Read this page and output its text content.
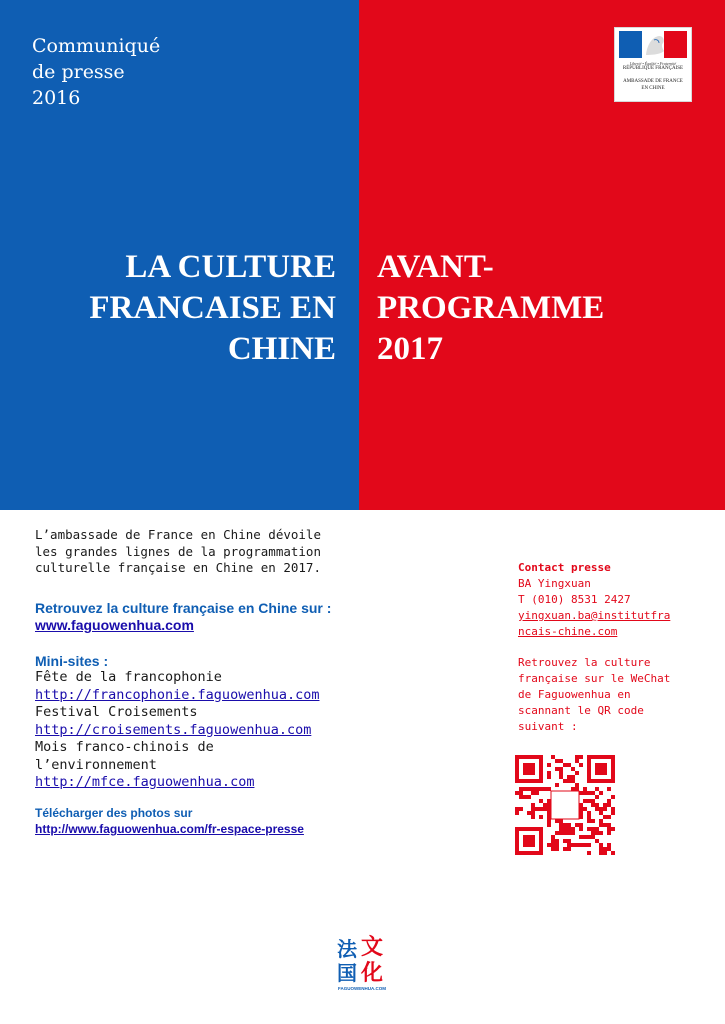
Communiqué
de presse
2016
LA CULTURE
FRANCAISE EN
CHINE
AVANT-
PROGRAMME
2017
Liberté • Égalité • Fraternité
RÉPUBLIQUE FRANÇAISE
AMBASSADE DE FRANCE
EN CHINE
L’ambassade de France en Chine dévoile
les grandes lignes de la programmation
culturelle française en Chine en 2017.
Retrouvez la culture française en Chine sur :
www.faguowenhua.com
Mini-sites :
Fête de la francophonie
http://francophonie.faguowenhua.com
Festival Croisements
http://croisements.faguowenhua.com
Mois franco-chinois de
l’environnement
http://mfce.faguowenhua.com
Télécharger des photos sur
http://www.faguowenhua.com/fr-espace-presse
Contact presse
BA Yingxuan
T (010) 8531 2427
yingxuan.ba@institutfra
ncais-chine.com
Retrouvez la culture
française sur le WeChat
de Faguowenhua en
scannant le QR code
suivant :
法 文
国 化
FAGUOWENHUA.COM
